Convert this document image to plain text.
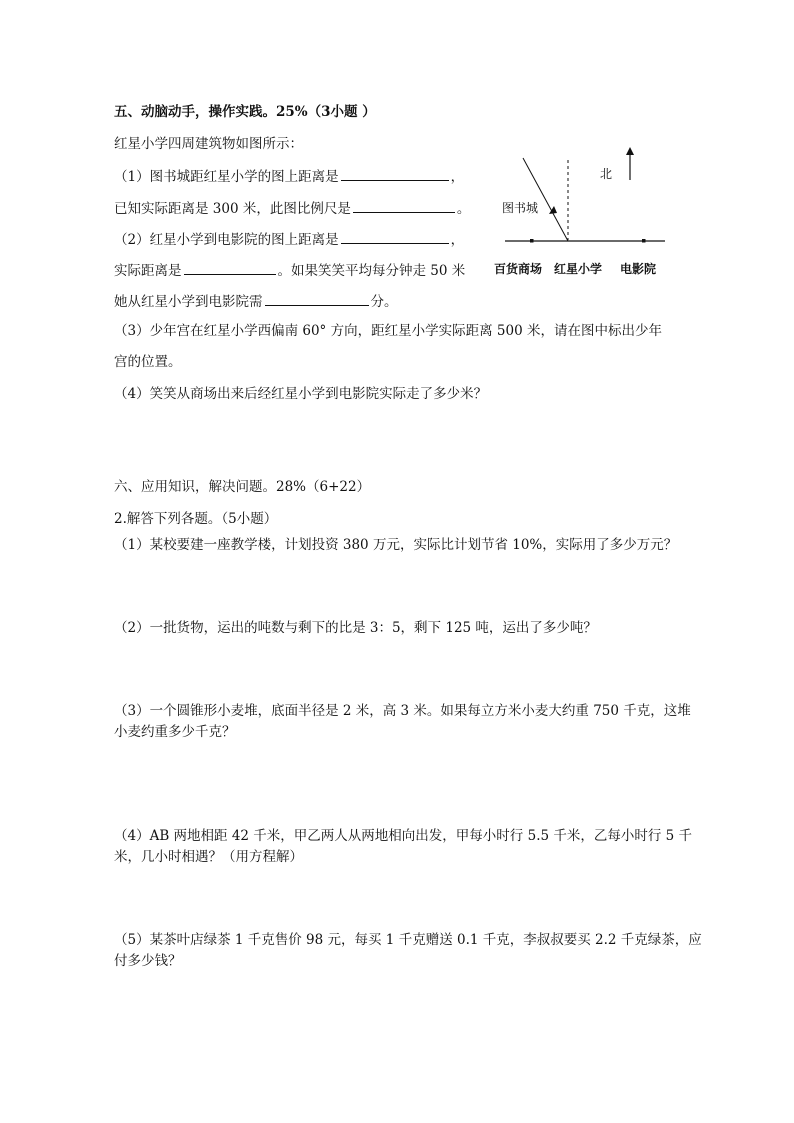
五、动脑动手，操作实践。25%（3小题 ）
红星小学四周建筑物如图所示：
（1）图书城距红星小学的图上距离是	，
已知实际距离是 300 米，此图比例尺是	。
（2）红星小学到电影院的图上距离是	，
实际距离是	。如果笑笑平均每分钟走 50 米
她从红星小学到电影院需	分。
（3）少年宫在红星小学西偏南 60° 方向，距红星小学实际距离 500 米，请在图中标出少年
宫的位置。
（4）笑笑从商场出来后经红星小学到电影院实际走了多少米？
北
图书城
百货商场 红星小学 电影院
六、应用知识，解决问题。28%（6+22）
2.解答下列各题。（5小题）
（1）某校要建一座教学楼，计划投资 380 万元，实际比计划节省 10%，实际用了多少万元？
（2）一批货物，运出的吨数与剩下的比是 3：5，剩下 125 吨，运出了多少吨？
（3）一个圆锥形小麦堆，底面半径是 2 米，高 3 米。如果每立方米小麦大约重 750 千克，这堆
小麦约重多少千克？
（4）AB 两地相距 42 千米，甲乙两人从两地相向出发，甲每小时行 5.5 千米，乙每小时行 5 千
米，几小时相遇？（用方程解）
（5）某茶叶店绿茶 1 千克售价 98 元，每买 1 千克赠送 0.1 千克，李叔叔要买 2.2 千克绿茶，应
付多少钱？
